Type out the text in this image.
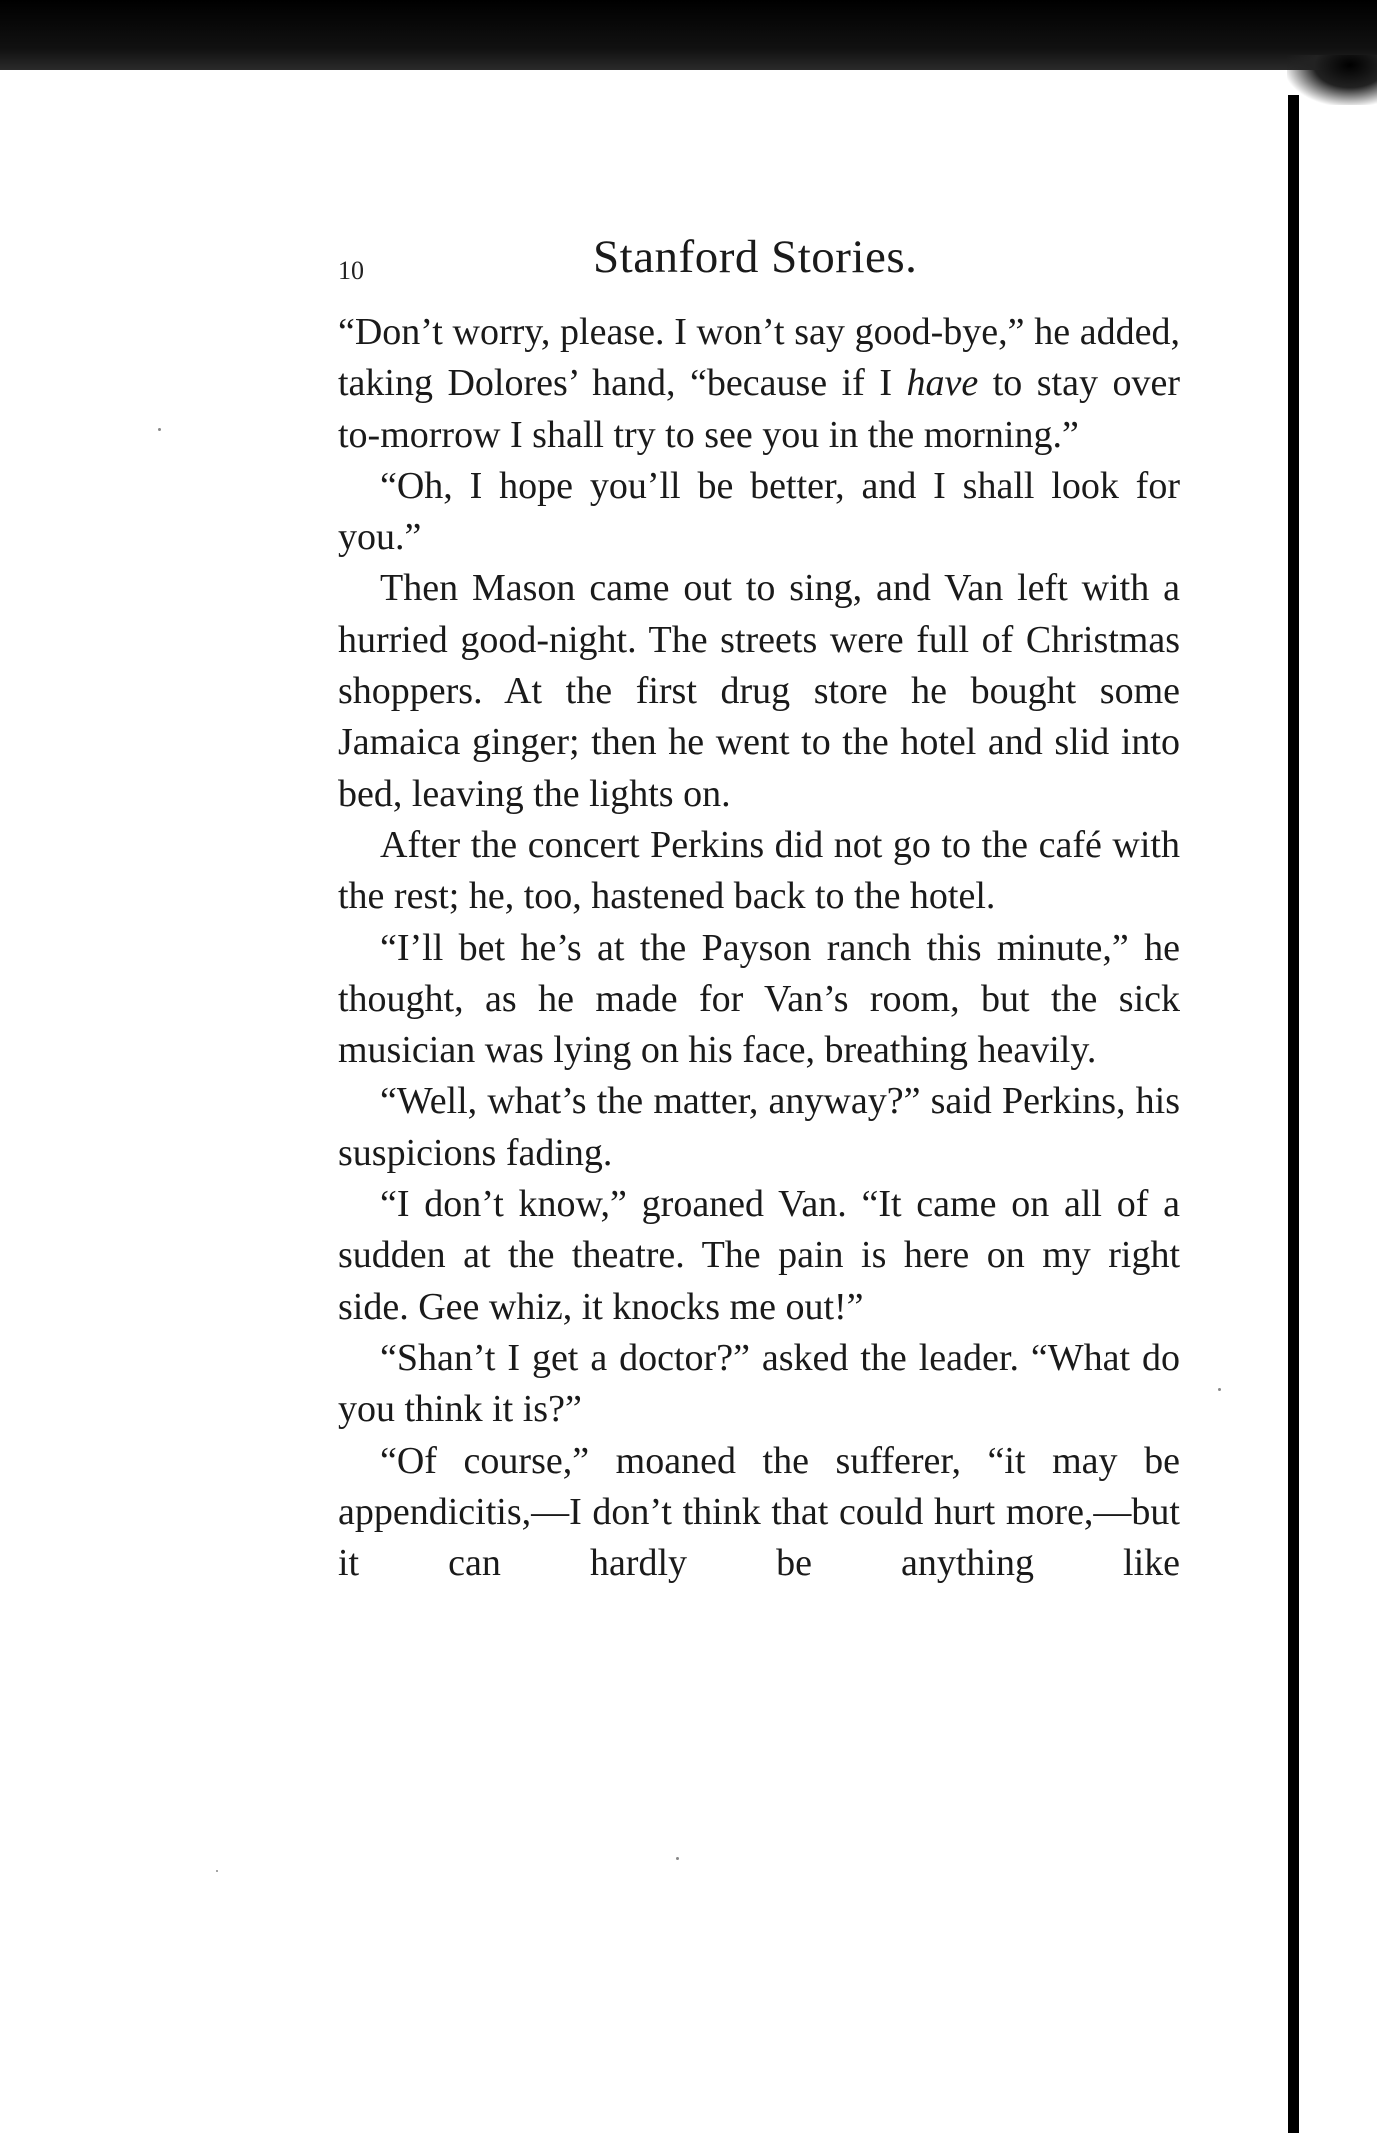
10	Stanford Stories.

“Don’t worry, please. I won’t say good-bye,” he added, taking Dolores’ hand, “because if I have to stay over to-morrow I shall try to see you in the morning.”

“Oh, I hope you’ll be better, and I shall look for you.”

Then Mason came out to sing, and Van left with a hurried good-night. The streets were full of Christmas shoppers. At the first drug store he bought some Jamaica ginger; then he went to the hotel and slid into bed, leaving the lights on.

After the concert Perkins did not go to the café with the rest; he, too, hastened back to the hotel.

“I’ll bet he’s at the Payson ranch this minute,” he thought, as he made for Van’s room, but the sick musician was lying on his face, breathing heavily.

“Well, what’s the matter, anyway?” said Perkins, his suspicions fading.

“I don’t know,” groaned Van. “It came on all of a sudden at the theatre. The pain is here on my right side. Gee whiz, it knocks me out!”

“Shan’t I get a doctor?” asked the leader. “What do you think it is?”

“Of course,” moaned the sufferer, “it may be appendicitis,—I don’t think that could hurt more,—but it can hardly be anything like
